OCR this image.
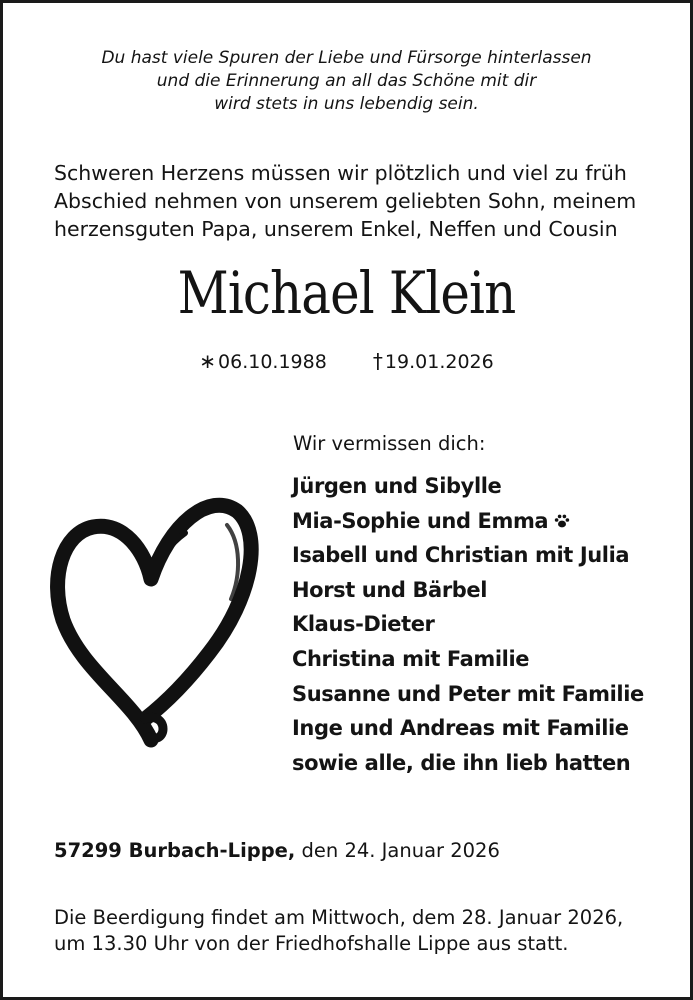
Du hast viele Spuren der Liebe und Fürsorge hinterlassen
und die Erinnerung an all das Schöne mit dir
wird stets in uns lebendig sein.
Schweren Herzens müssen wir plötzlich und viel zu früh
Abschied nehmen von unserem geliebten Sohn, meinem
herzensguten Papa, unserem Enkel, Neffen und Cousin
Michael Klein
∗ 06.10.1988 † 19.01.2026
Wir vermissen dich:
Jürgen und Sibylle
Mia-Sophie und Emma
Isabell und Christian mit Julia
Horst und Bärbel
Klaus-Dieter
Christina mit Familie
Susanne und Peter mit Familie
Inge und Andreas mit Familie
sowie alle, die ihn lieb hatten
57299 Burbach-Lippe, den 24. Januar 2026
Die Beerdigung findet am Mittwoch, dem 28. Januar 2026,
um 13.30 Uhr von der Friedhofshalle Lippe aus statt.
